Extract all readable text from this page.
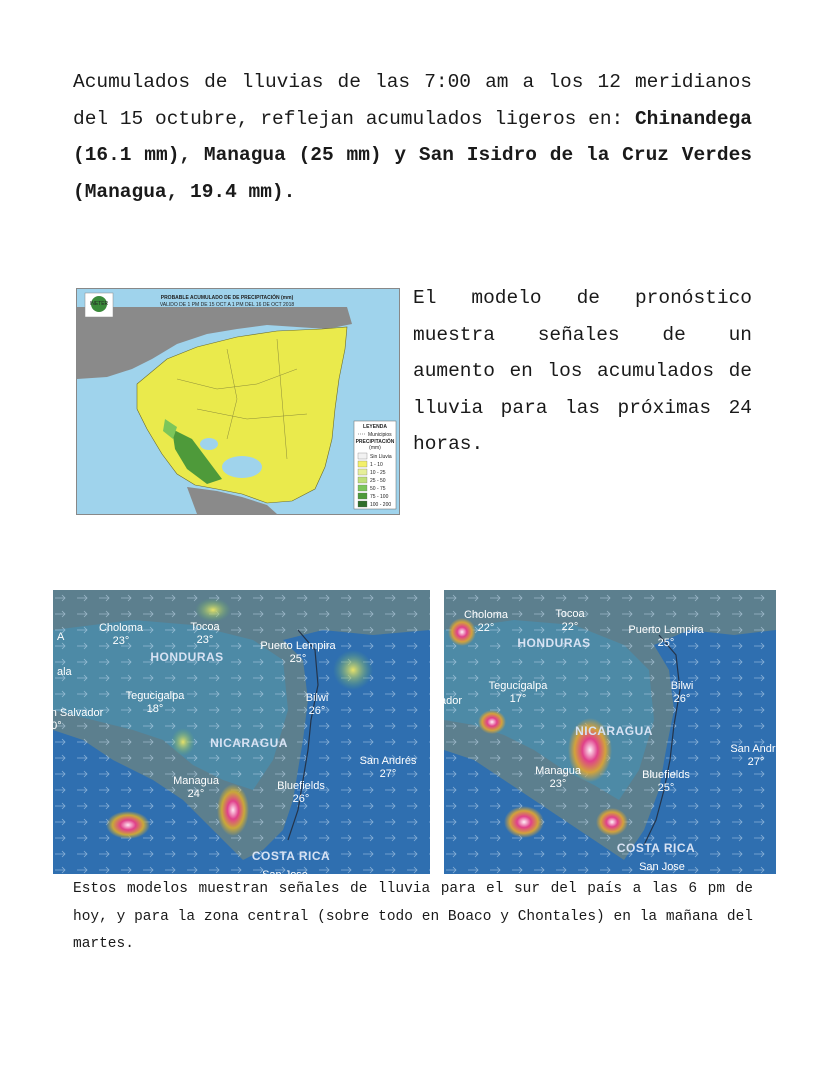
Acumulados de lluvias de las 7:00 am a los 12 meridianos del 15 octubre, reflejan acumulados ligeros en: Chinandega (16.1 mm), Managua (25 mm) y San Isidro de la Cruz Verdes (Managua, 19.4 mm).
INETER
PROBABLE ACUMULADO DE DE PRECIPITACIÓN (mm)
VALIDO DE 1 PM DE 15 OCT A 1 PM DEL 16 DE OCT 2018
LEYENDA
Municipios
PRECIPITACIÓN
(mm)
Sin Lluvia
1 - 10
10 - 25
25 - 50
50 - 75
75 - 100
100 - 200
El modelo de pronóstico muestra señales de un aumento en los acumulados de lluvia para las próximas 24 horas.
Choloma
23°
Tocoa
23°	Puerto Lempira
25°
Tegucigalpa
18°
Bilwi
26°
n Salvador
20°
San Andrés
27°
Managua
24°
Bluefields
26°
HONDURAS
NICARAGUA
COSTA RICA
ala
A
San Jose
Choloma
22°
Tocoa
22°	Puerto Lempira
25°
Tegucigalpa
17°
Bilwi
26°
San Andre
27°
Managua
23°
Bluefields
25°
HONDURAS
NICARAGUA
COSTA RICA
ador
San Jose
Estos modelos muestran señales de lluvia para el sur del país a las 6 pm de hoy, y para la zona central (sobre todo en Boaco y Chontales) en la mañana del martes.
